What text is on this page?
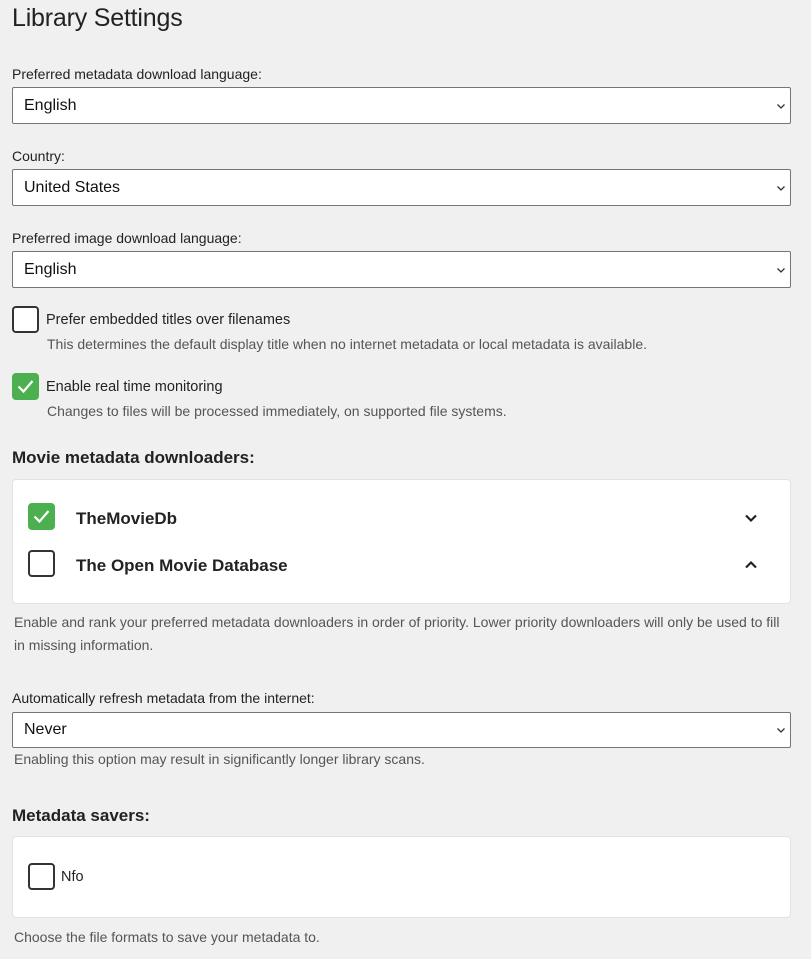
Library Settings
Preferred metadata download language:
English
Country:
United States
Preferred image download language:
English
Prefer embedded titles over filenames
This determines the default display title when no internet metadata or local metadata is available.
Enable real time monitoring
Changes to files will be processed immediately, on supported file systems.
Movie metadata downloaders:
TheMovieDb
The Open Movie Database
Enable and rank your preferred metadata downloaders in order of priority. Lower priority downloaders will only be used to fill in missing information.
Automatically refresh metadata from the internet:
Never
Enabling this option may result in significantly longer library scans.
Metadata savers:
Nfo
Choose the file formats to save your metadata to.
